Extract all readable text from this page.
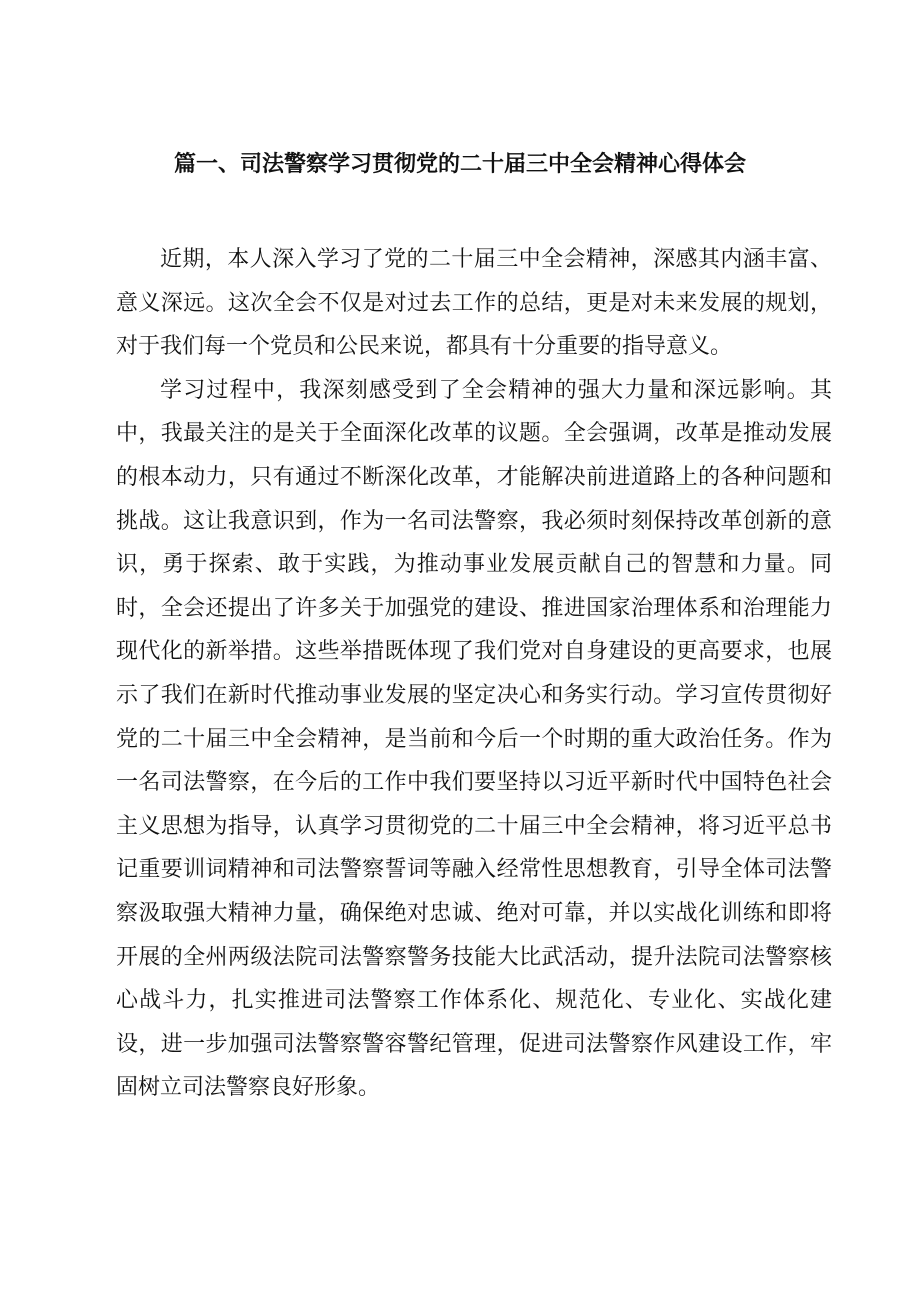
篇一、司法警察学习贯彻党的二十届三中全会精神心得体会

近期，本人深入学习了党的二十届三中全会精神，深感其内涵丰富、意义深远。这次全会不仅是对过去工作的总结，更是对未来发展的规划，对于我们每一个党员和公民来说，都具有十分重要的指导意义。

学习过程中，我深刻感受到了全会精神的强大力量和深远影响。其中，我最关注的是关于全面深化改革的议题。全会强调，改革是推动发展的根本动力，只有通过不断深化改革，才能解决前进道路上的各种问题和挑战。这让我意识到，作为一名司法警察，我必须时刻保持改革创新的意识，勇于探索、敢于实践，为推动事业发展贡献自己的智慧和力量。同时，全会还提出了许多关于加强党的建设、推进国家治理体系和治理能力现代化的新举措。这些举措既体现了我们党对自身建设的更高要求，也展示了我们在新时代推动事业发展的坚定决心和务实行动。学习宣传贯彻好党的二十届三中全会精神，是当前和今后一个时期的重大政治任务。作为一名司法警察，在今后的工作中我们要坚持以习近平新时代中国特色社会主义思想为指导，认真学习贯彻党的二十届三中全会精神，将习近平总书记重要训词精神和司法警察誓词等融入经常性思想教育，引导全体司法警察汲取强大精神力量，确保绝对忠诚、绝对可靠，并以实战化训练和即将开展的全州两级法院司法警察警务技能大比武活动，提升法院司法警察核心战斗力，扎实推进司法警察工作体系化、规范化、专业化、实战化建设，进一步加强司法警察警容警纪管理，促进司法警察作风建设工作，牢固树立司法警察良好形象。
